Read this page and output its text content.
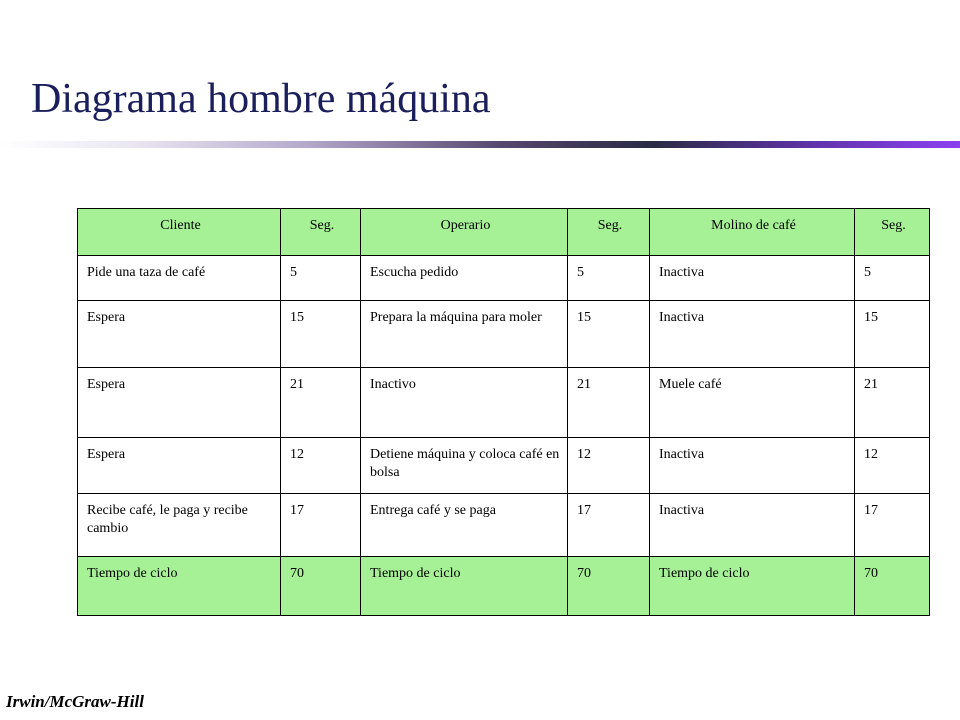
Diagrama hombre máquina
Cliente	Seg.	Operario	Seg.	Molino de café	Seg.
Pide una taza de café	5	Escucha pedido	5	Inactiva	5
Espera	15	Prepara la máquina para moler	15	Inactiva	15
Espera	21	Inactivo	21	Muele café	21
Espera	12	Detiene máquina y coloca café en bolsa	12	Inactiva	12
Recibe café, le paga y recibe cambio	17	Entrega café y se paga	17	Inactiva	17
Tiempo de ciclo	70	Tiempo de ciclo	70	Tiempo de ciclo	70
Irwin/McGraw-Hill
